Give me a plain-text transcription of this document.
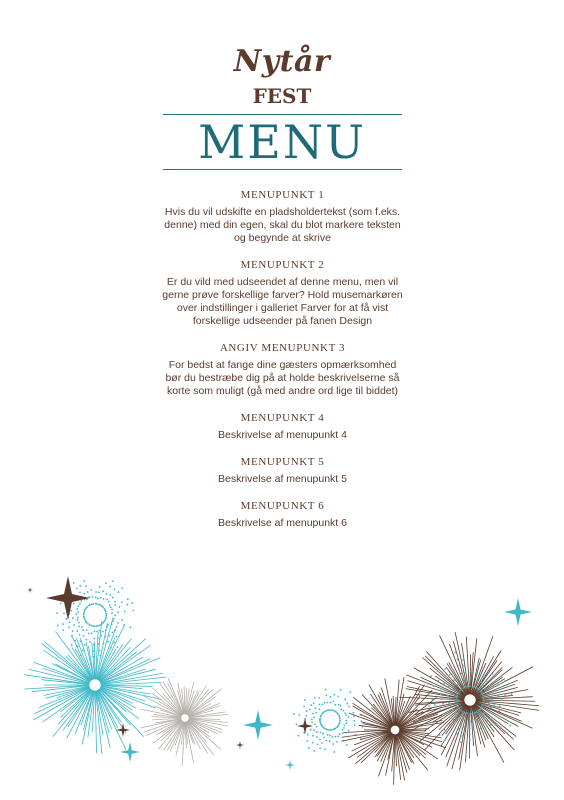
Nytår
FEST
MENU
MENUPUNKT 1
Hvis du vil udskifte en pladsholdertekst (som f.eks. denne) med din egen, skal du blot markere teksten og begynde at skrive
MENUPUNKT 2
Er du vild med udseendet af denne menu, men vil gerne prøve forskellige farver? Hold musemarkøren over indstillinger i galleriet Farver for at få vist forskellige udseender på fanen Design
ANGIV MENUPUNKT 3
For bedst at fange dine gæsters opmærksomhed bør du bestræbe dig på at holde beskrivelserne så korte som muligt (gå med andre ord lige til biddet)
MENUPUNKT 4
Beskrivelse af menupunkt 4
MENUPUNKT 5
Beskrivelse af menupunkt 5
MENUPUNKT 6
Beskrivelse af menupunkt 6
